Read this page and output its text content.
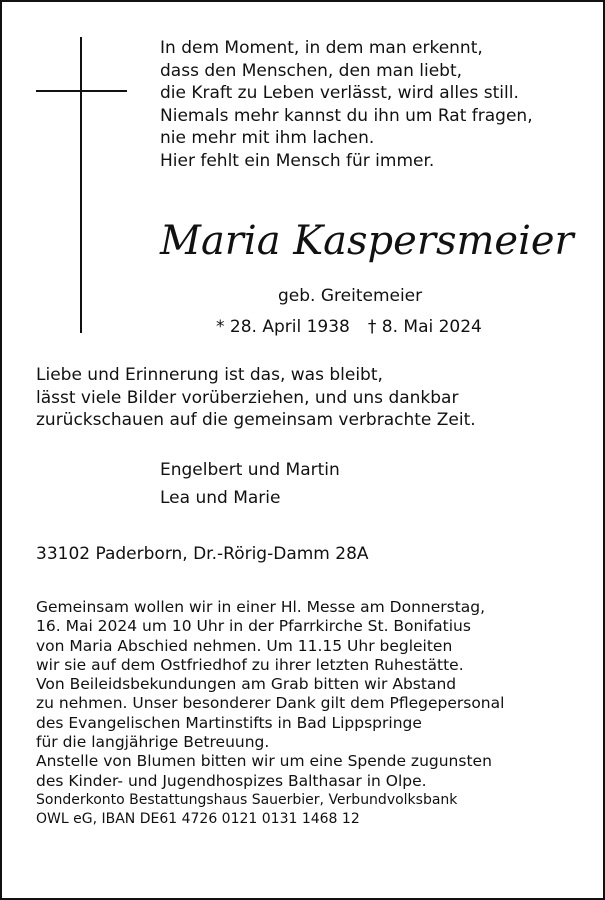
In dem Moment, in dem man erkennt,
dass den Menschen, den man liebt,
die Kraft zu Leben verlässt, wird alles still.
Niemals mehr kannst du ihn um Rat fragen,
nie mehr mit ihm lachen.
Hier fehlt ein Mensch für immer.
Maria Kaspersmeier
geb. Greitemeier
* 28. April 1938 † 8. Mai 2024
Liebe und Erinnerung ist das, was bleibt,
lässt viele Bilder vorüberziehen, und uns dankbar
zurückschauen auf die gemeinsam verbrachte Zeit.
Engelbert und Martin
Lea und Marie
33102 Paderborn, Dr.-Rörig-Damm 28A
Gemeinsam wollen wir in einer Hl. Messe am Donnerstag,
16. Mai 2024 um 10 Uhr in der Pfarrkirche St. Bonifatius
von Maria Abschied nehmen. Um 11.15 Uhr begleiten
wir sie auf dem Ostfriedhof zu ihrer letzten Ruhestätte.
Von Beileidsbekundungen am Grab bitten wir Abstand
zu nehmen. Unser besonderer Dank gilt dem Pflegepersonal
des Evangelischen Martinstifts in Bad Lippspringe
für die langjährige Betreuung.
Anstelle von Blumen bitten wir um eine Spende zugunsten
des Kinder- und Jugendhospizes Balthasar in Olpe.
Sonderkonto Bestattungshaus Sauerbier, Verbundvolksbank
OWL eG, IBAN DE61 4726 0121 0131 1468 12
